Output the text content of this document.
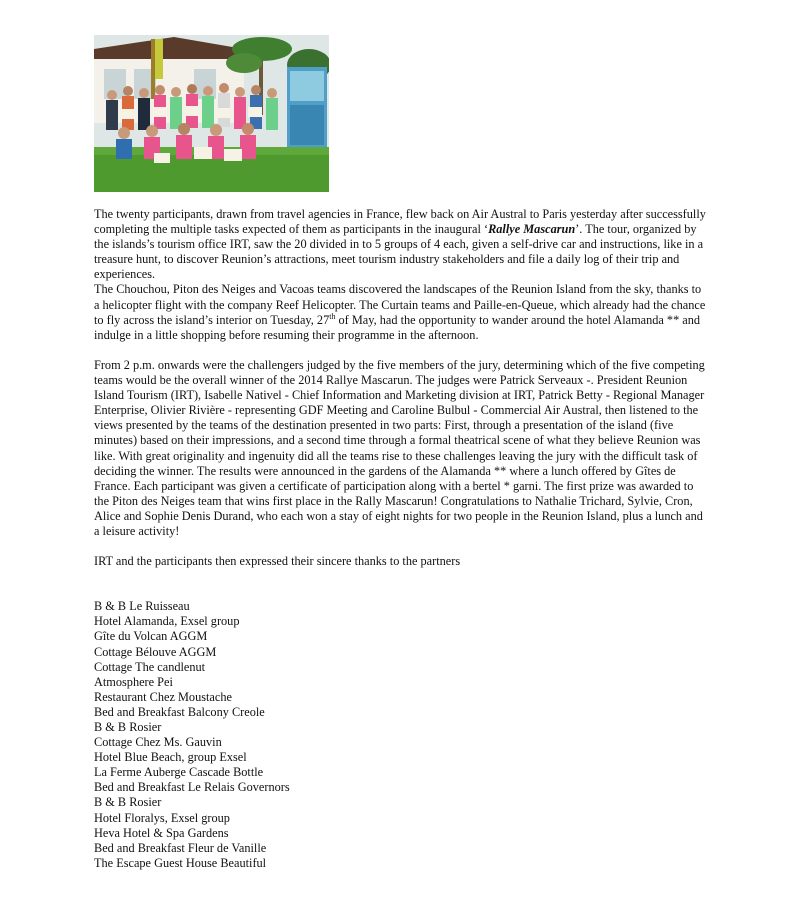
The twenty participants, drawn from travel agencies in France, flew back on Air Austral to Paris yesterday after successfully completing the multiple tasks expected of them as participants in the inaugural ‘Rallye Mascarun’. The tour, organized by the islands’s tourism office IRT, saw the 20 divided in to 5 groups of 4 each, given a self-drive car and instructions, like in a treasure hunt, to discover Reunion’s attractions, meet tourism industry stakeholders and file a daily log of their trip and experiences.

The Chouchou, Piton des Neiges and Vacoas teams discovered the landscapes of the Reunion Island from the sky, thanks to a helicopter flight with the company Reef Helicopter. The Curtain teams and Paille-en-Queue, which already had the chance to fly across the island’s interior on Tuesday, 27th of May, had the opportunity to wander around the hotel Alamanda ** and indulge in a little shopping before resuming their programme in the afternoon.

From 2 p.m. onwards were the challengers judged by the five members of the jury, determining which of the five competing teams would be the overall winner of the 2014 Rallye Mascarun. The judges were Patrick Serveaux -. President Reunion Island Tourism (IRT), Isabelle Nativel - Chief Information and Marketing division at IRT, Patrick Betty - Regional Manager Enterprise, Olivier Rivière - representing GDF Meeting and Caroline Bulbul - Commercial Air Austral, then listened to the views presented by the teams of the destination presented in two parts: First, through a presentation of the island (five minutes) based on their impressions, and a second time through a formal theatrical scene of what they believe Reunion was like. With great originality and ingenuity did all the teams rise to these challenges leaving the jury with the difficult task of deciding the winner. The results were announced in the gardens of the Alamanda ** where a lunch offered by Gîtes de France. Each participant was given a certificate of participation along with a bertel * garni. The first prize was awarded to the Piton des Neiges team that wins first place in the Rally Mascarun! Congratulations to Nathalie Trichard, Sylvie, Cron, Alice and Sophie Denis Durand, who each won a stay of eight nights for two people in the Reunion Island, plus a lunch and a leisure activity!

IRT and the participants then expressed their sincere thanks to the partners

B & B Le Ruisseau
Hotel Alamanda, Exsel group
Gîte du Volcan AGGM
Cottage Bélouve AGGM
Cottage The candlenut
Atmosphere Pei
Restaurant Chez Moustache
Bed and Breakfast Balcony Creole
B & B Rosier
Cottage Chez Ms. Gauvin
Hotel Blue Beach, group Exsel
La Ferme Auberge Cascade Bottle
Bed and Breakfast Le Relais Governors
B & B Rosier
Hotel Floralys, Exsel group
Heva Hotel & Spa Gardens
Bed and Breakfast Fleur de Vanille
The Escape Guest House Beautiful
